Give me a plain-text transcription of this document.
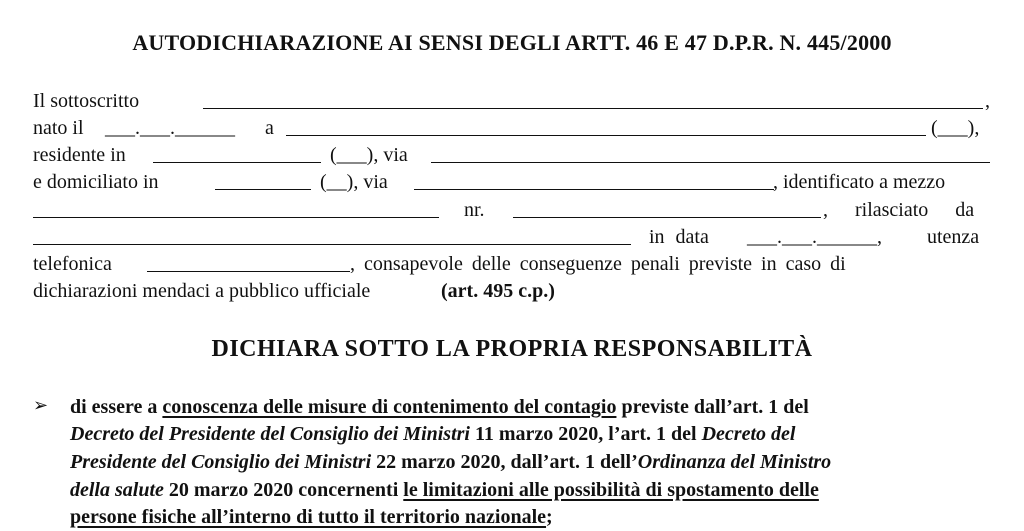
AUTODICHIARAZIONE AI SENSI DEGLI ARTT. 46 E 47 D.P.R. N. 445/2000
Il sottoscritto	,
nato il ___.___.______ a	(___),
residente in	(___), via
e domiciliato in	(__), via	, identificato a mezzo
nr.	, rilasciato da
in data ___.___.______, utenza
telefonica	, consapevole delle conseguenze penali previste in caso di
dichiarazioni mendaci a pubblico ufficiale	(art. 495 c.p.)
DICHIARA SOTTO LA PROPRIA RESPONSABILITÀ
➢ di essere a conoscenza delle misure di contenimento del contagio previste dall’art. 1 del
Decreto del Presidente del Consiglio dei Ministri 11 marzo 2020, l’art. 1 del Decreto del
Presidente del Consiglio dei Ministri 22 marzo 2020, dall’art. 1 dell’Ordinanza del Ministro
della salute 20 marzo 2020 concernenti le limitazioni alle possibilità di spostamento delle
persone fisiche all’interno di tutto il territorio nazionale;
